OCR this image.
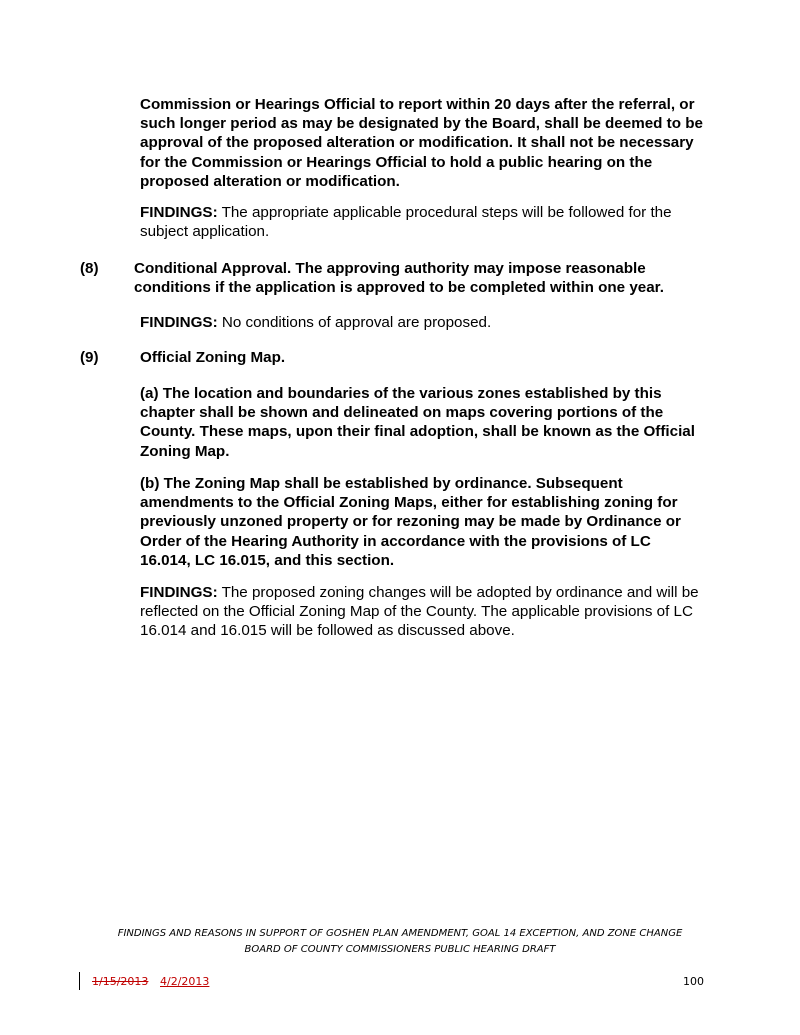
Commission or Hearings Official to report within 20 days after the referral, or such longer period as may be designated by the Board, shall be deemed to be approval of the proposed alteration or modification. It shall not be necessary for the Commission or Hearings Official to hold a public hearing on the proposed alteration or modification.
FINDINGS: The appropriate applicable procedural steps will be followed for the subject application.
(8) Conditional Approval. The approving authority may impose reasonable conditions if the application is approved to be completed within one year.
FINDINGS: No conditions of approval are proposed.
(9)	Official Zoning Map.
(a) The location and boundaries of the various zones established by this chapter shall be shown and delineated on maps covering portions of the County. These maps, upon their final adoption, shall be known as the Official Zoning Map.
(b) The Zoning Map shall be established by ordinance. Subsequent amendments to the Official Zoning Maps, either for establishing zoning for previously unzoned property or for rezoning may be made by Ordinance or Order of the Hearing Authority in accordance with the provisions of LC 16.014, LC 16.015, and this section.
FINDINGS: The proposed zoning changes will be adopted by ordinance and will be reflected on the Official Zoning Map of the County. The applicable provisions of LC 16.014 and 16.015 will be followed as discussed above.
FINDINGS AND REASONS IN SUPPORT OF GOSHEN PLAN AMENDMENT, GOAL 14 EXCEPTION, AND ZONE CHANGE
BOARD OF COUNTY COMMISSIONERS PUBLIC HEARING DRAFT
1/15/2013 4/2/2013	100
